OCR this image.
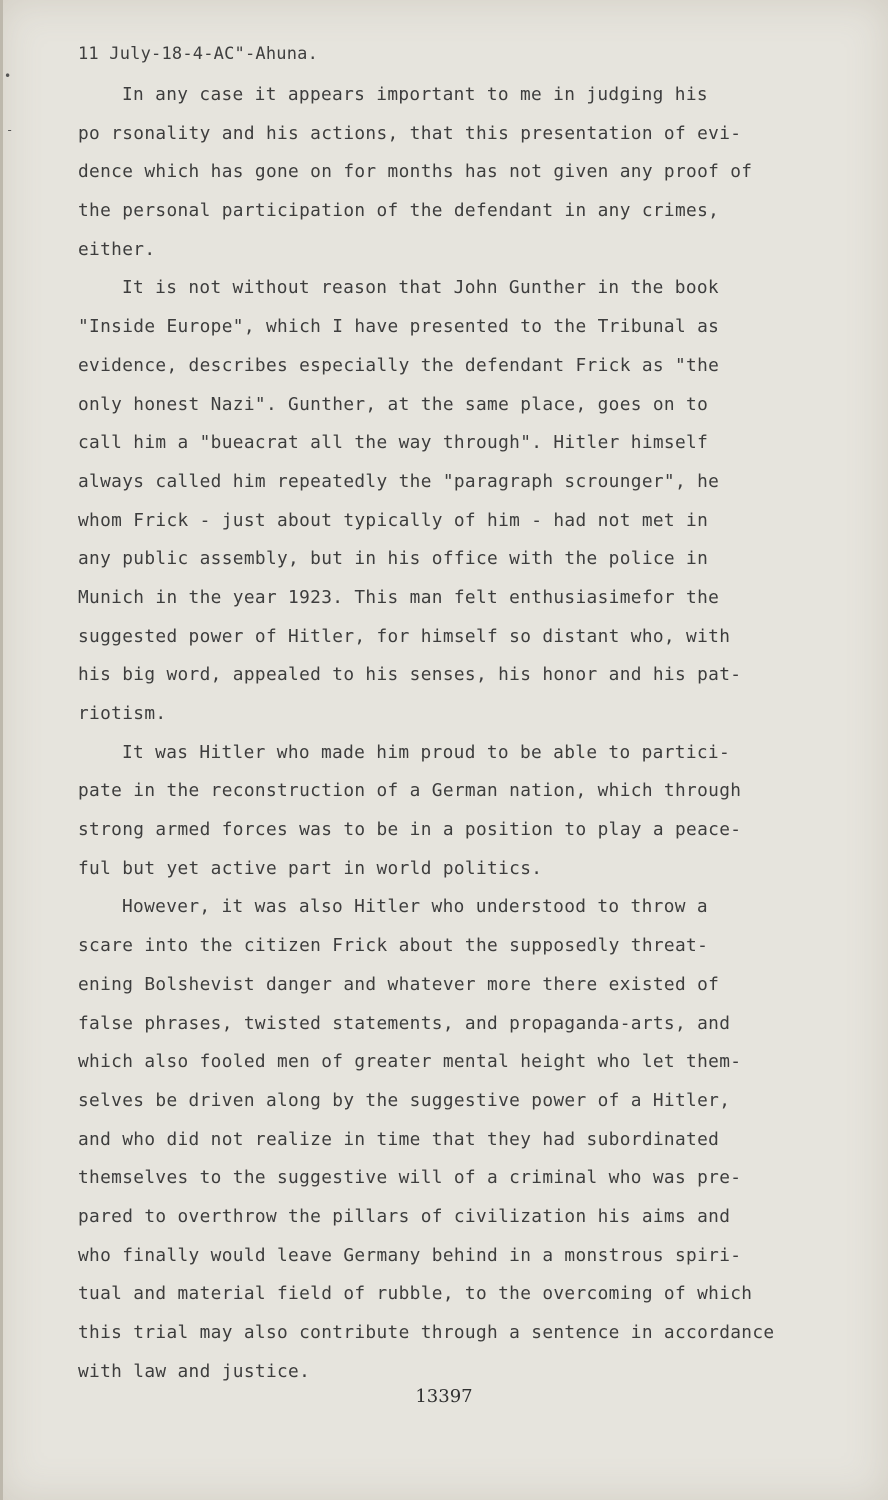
•
-
11 July-18-4-AC"-Ahuna.
In any case it appears important to me in judging his
po rsonality and his actions, that this presentation of evi-
dence which has gone on for months has not given any proof of
the personal participation of the defendant in any crimes,
either.
It is not without reason that John Gunther in the book
"Inside Europe", which I have presented to the Tribunal as
evidence, describes especially the defendant Frick as "the
only honest Nazi". Gunther, at the same place, goes on to
call him a "bueacrat all the way through". Hitler himself
always called him repeatedly the "paragraph scrounger", he
whom Frick - just about typically of him - had not met in
any public assembly, but in his office with the police in
Munich in the year 1923. This man felt enthusiasimefor the
suggested power of Hitler, for himself so distant who, with
his big word, appealed to his senses, his honor and his pat-
riotism.
It was Hitler who made him proud to be able to partici-
pate in the reconstruction of a German nation, which through
strong armed forces was to be in a position to play a peace-
ful but yet active part in world politics.
However, it was also Hitler who understood to throw a
scare into the citizen Frick about the supposedly threat-
ening Bolshevist danger and whatever more there existed of
false phrases, twisted statements, and propaganda-arts, and
which also fooled men of greater mental height who let them-
selves be driven along by the suggestive power of a Hitler,
and who did not realize in time that they had subordinated
themselves to the suggestive will of a criminal who was pre-
pared to overthrow the pillars of civilization his aims and
who finally would leave Germany behind in a monstrous spiri-
tual and material field of rubble, to the overcoming of which
this trial may also contribute through a sentence in accordance
with law and justice.
13397
